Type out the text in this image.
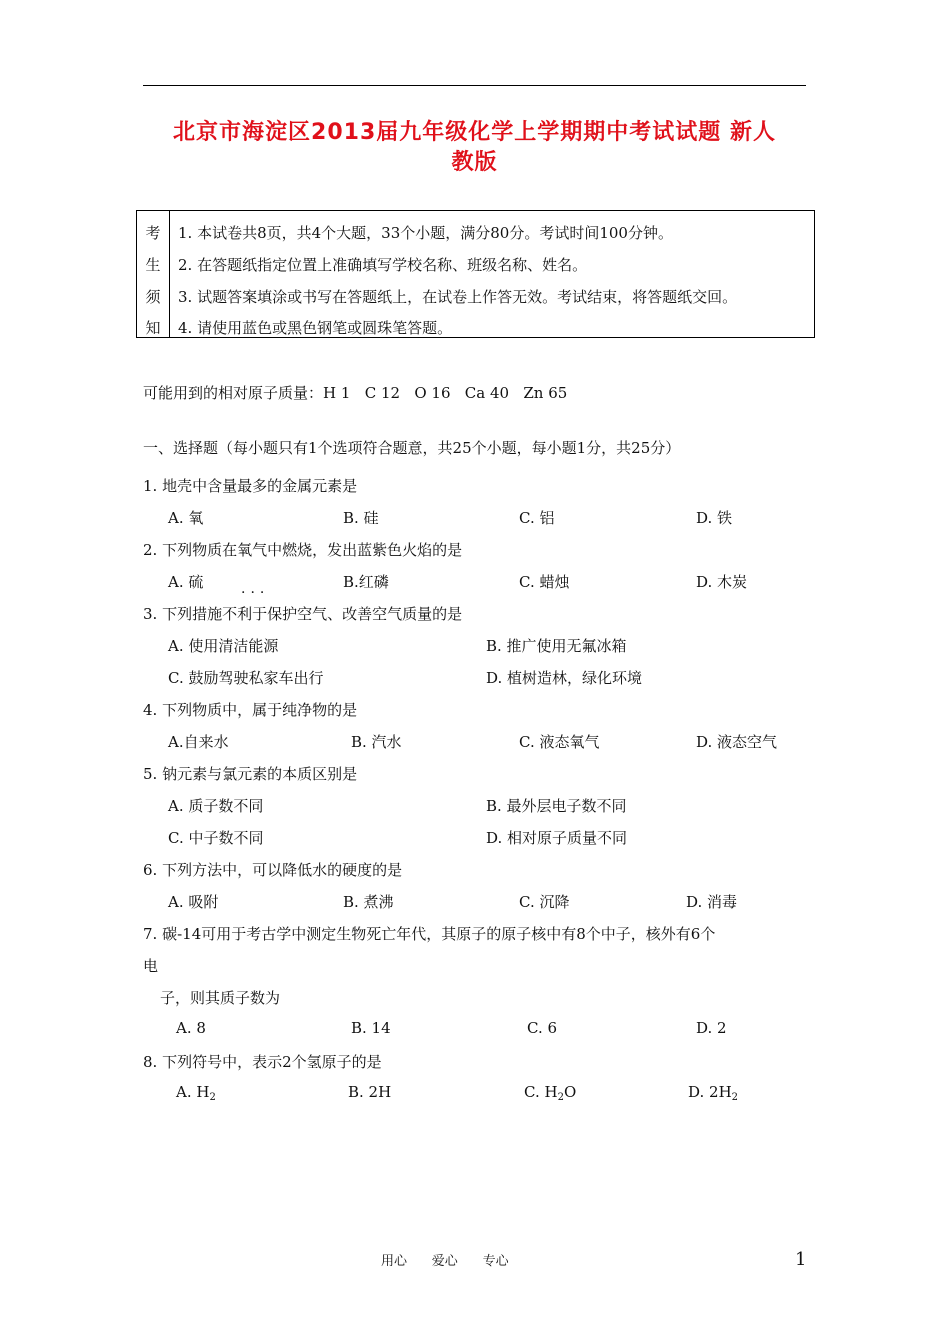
北京市海淀区2013届九年级化学上学期期中考试试题 新人
教版
考
生
须
知
1. 本试卷共8页，共4个大题，33个小题，满分80分。考试时间100分钟。
2. 在答题纸指定位置上准确填写学校名称、班级名称、姓名。
3. 试题答案填涂或书写在答题纸上，在试卷上作答无效。考试结束，将答题纸交回。
4. 请使用蓝色或黑色钢笔或圆珠笔答题。
可能用到的相对原子质量：H 1   C 12   O 16   Ca 40   Zn 65
一、选择题（每小题只有1个选项符合题意，共25个小题，每小题1分，共25分）
1. 地壳中含量最多的金属元素是
A. 氧	B. 硅	C. 铝	D. 铁
2. 下列物质在氧气中燃烧，发出蓝紫色火焰的是
A. 硫	B.红磷	C. 蜡烛	D. 木炭
···
3. 下列措施不利于保护空气、改善空气质量的是
A. 使用清洁能源	B. 推广使用无氟冰箱
C. 鼓励驾驶私家车出行	D. 植树造林，绿化环境
4. 下列物质中，属于纯净物的是
A.自来水	B. 汽水	C. 液态氧气	D. 液态空气
5. 钠元素与氯元素的本质区别是
A. 质子数不同	B. 最外层电子数不同
C. 中子数不同	D. 相对原子质量不同
6. 下列方法中，可以降低水的硬度的是
A. 吸附	B. 煮沸	C. 沉降	D. 消毒
7. 碳-14可用于考古学中测定生物死亡年代，其原子的原子核中有8个中子，核外有6个
电
子，则其质子数为
A. 8	B. 14	C. 6	D. 2
8. 下列符号中，表示2个氢原子的是
A. $H_2$	B. 2H	C. $H_2O$	D. $2H_2$
用心      爱心      专心	1
